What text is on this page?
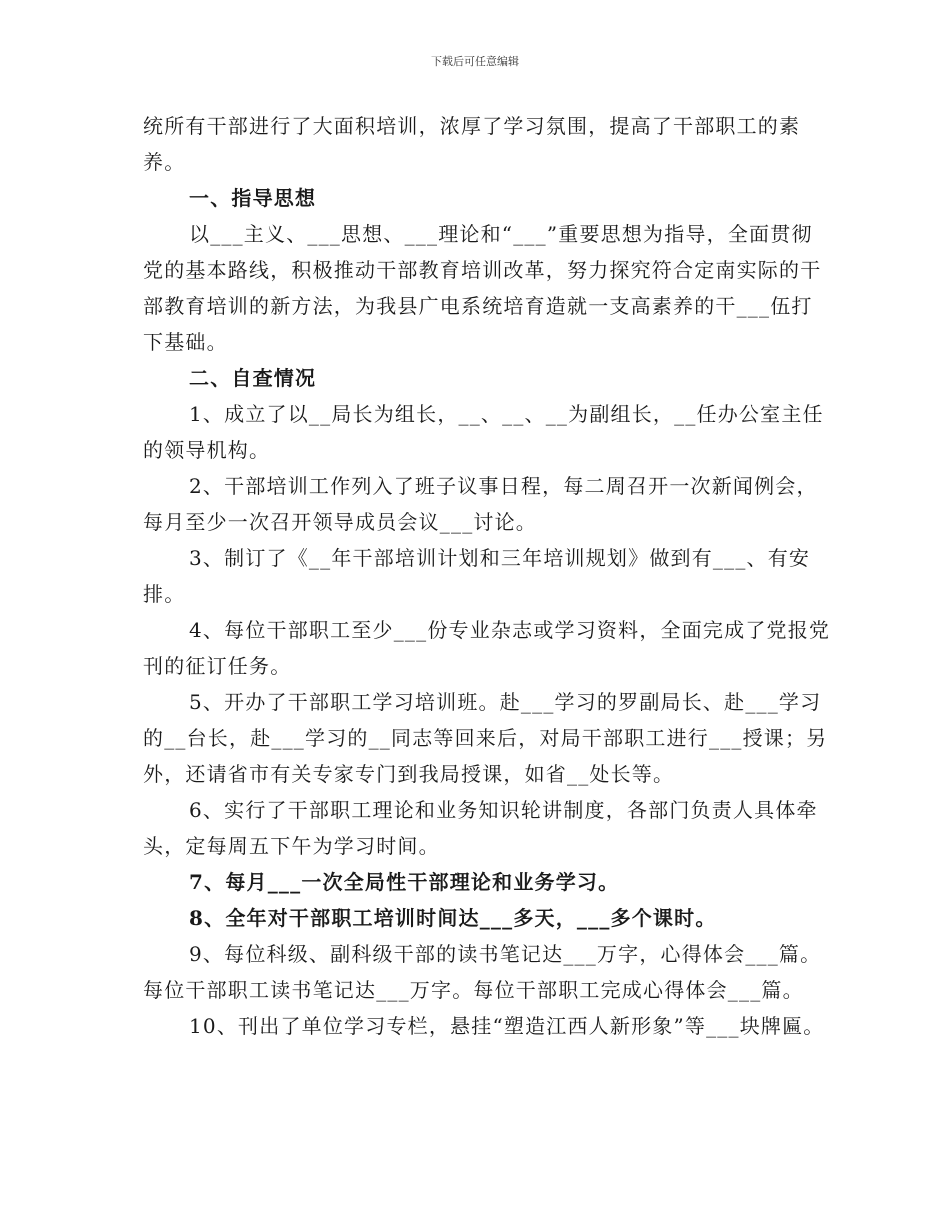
下载后可任意编辑

统所有干部进行了大面积培训，浓厚了学习氛围，提高了干部职工的素养。

一、指导思想

以___主义、___思想、___理论和“___”重要思想为指导，全面贯彻党的基本路线，积极推动干部教育培训改革，努力探究符合定南实际的干部教育培训的新方法，为我县广电系统培育造就一支高素养的干___伍打下基础。

二、自查情况

1、成立了以__局长为组长，__、__、__为副组长，__任办公室主任的领导机构。

2、干部培训工作列入了班子议事日程，每二周召开一次新闻例会，每月至少一次召开领导成员会议___讨论。

3、制订了《__年干部培训计划和三年培训规划》做到有___、有安排。

4、每位干部职工至少___份专业杂志或学习资料，全面完成了党报党刊的征订任务。

5、开办了干部职工学习培训班。赴___学习的罗副局长、赴___学习的__台长，赴___学习的__同志等回来后，对局干部职工进行___授课；另外，还请省市有关专家专门到我局授课，如省__处长等。

6、实行了干部职工理论和业务知识轮讲制度，各部门负责人具体牵头，定每周五下午为学习时间。

7、每月___一次全局性干部理论和业务学习。

8、全年对干部职工培训时间达___多天，___多个课时。

9、每位科级、副科级干部的读书笔记达___万字，心得体会___篇。每位干部职工读书笔记达___万字。每位干部职工完成心得体会___篇。

10、刊出了单位学习专栏，悬挂“塑造江西人新形象”等___块牌匾。
